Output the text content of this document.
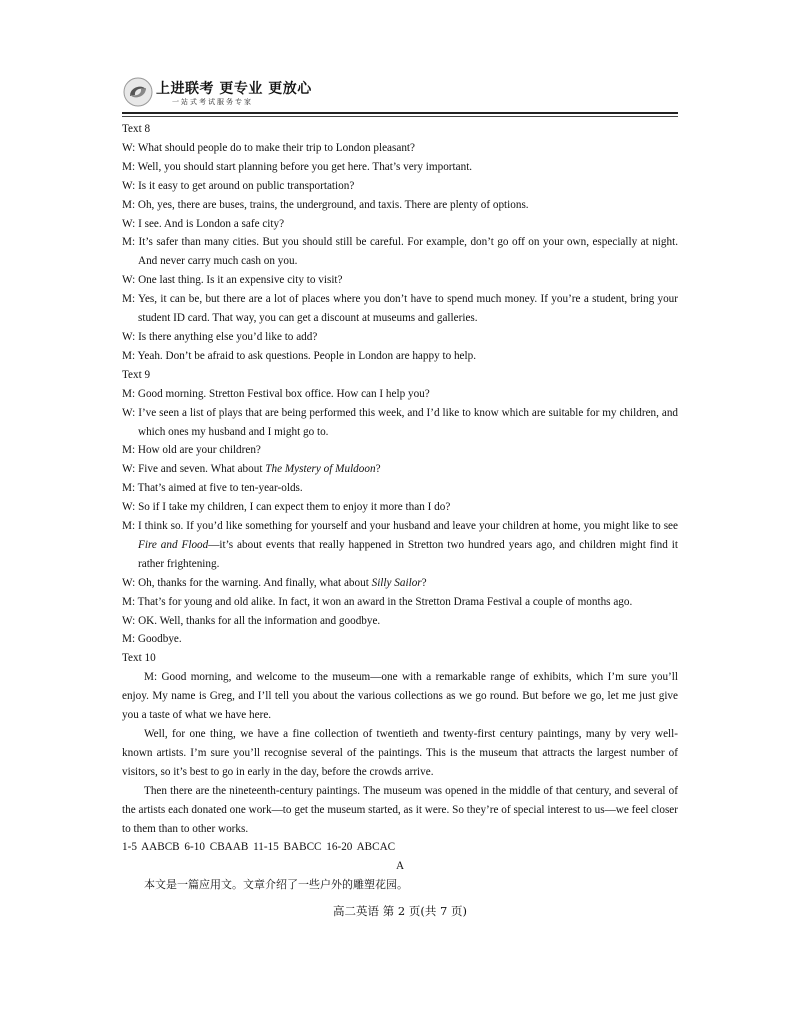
上进联考 更专业 更放心
一站式考试服务专家

Text 8

W: What should people do to make their trip to London pleasant?

M: Well, you should start planning before you get here. That’s very important.

W: Is it easy to get around on public transportation?

M: Oh, yes, there are buses, trains, the underground, and taxis. There are plenty of options.

W: I see. And is London a safe city?

M: It’s safer than many cities. But you should still be careful. For example, don’t go off on your own, especially at night. And never carry much cash on you.

W: One last thing. Is it an expensive city to visit?

M: Yes, it can be, but there are a lot of places where you don’t have to spend much money. If you’re a student, bring your student ID card. That way, you can get a discount at museums and galleries.

W: Is there anything else you’d like to add?

M: Yeah. Don’t be afraid to ask questions. People in London are happy to help.

Text 9

M: Good morning. Stretton Festival box office. How can I help you?

W: I’ve seen a list of plays that are being performed this week, and I’d like to know which are suitable for my children, and which ones my husband and I might go to.

M: How old are your children?

W: Five and seven. What about The Mystery of Muldoon?

M: That’s aimed at five to ten-year-olds.

W: So if I take my children, I can expect them to enjoy it more than I do?

M: I think so. If you’d like something for yourself and your husband and leave your children at home, you might like to see Fire and Flood—it’s about events that really happened in Stretton two hundred years ago, and children might find it rather frightening.

W: Oh, thanks for the warning. And finally, what about Silly Sailor?

M: That’s for young and old alike. In fact, it won an award in the Stretton Drama Festival a couple of months ago.

W: OK. Well, thanks for all the information and goodbye.

M: Goodbye.

Text 10

M: Good morning, and welcome to the museum—one with a remarkable range of exhibits, which I’m sure you’ll enjoy. My name is Greg, and I’ll tell you about the various collections as we go round. But before we go, let me just give you a taste of what we have here.

Well, for one thing, we have a fine collection of twentieth and twenty-first century paintings, many by very well-known artists. I’m sure you’ll recognise several of the paintings. This is the museum that attracts the largest number of visitors, so it’s best to go in early in the day, before the crowds arrive.

Then there are the nineteenth-century paintings. The museum was opened in the middle of that century, and several of the artists each donated one work—to get the museum started, as it were. So they’re of special interest to us—we feel closer to them than to other works.

1-5 AABCB 6-10 CBAAB 11-15 BABCC 16-20 ABCAC

A

本文是一篇应用文。文章介绍了一些户外的雕塑花园。

高二英语 第 2 页(共 7 页)
